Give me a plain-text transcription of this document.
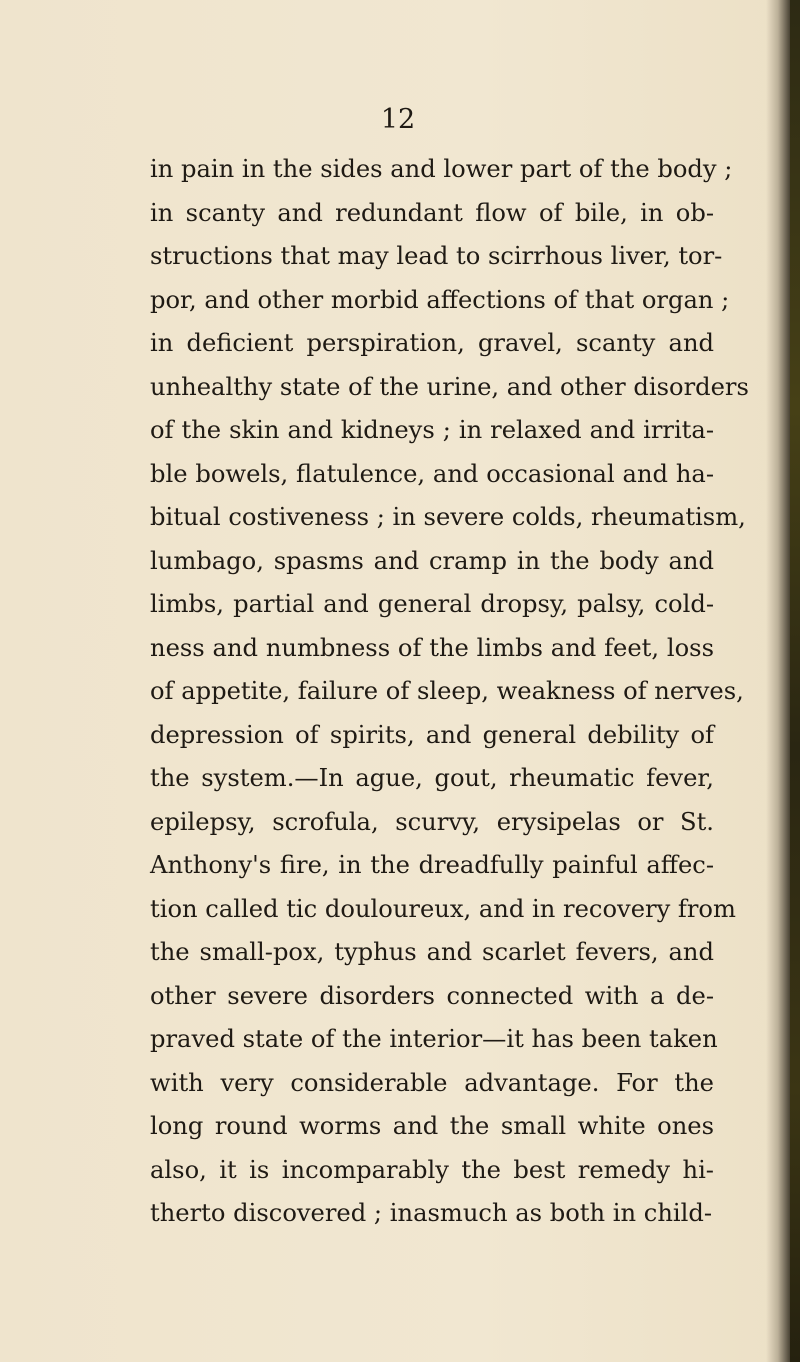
12
in pain in the sides and lower part of the body ;
in scanty and redundant flow of bile, in ob-
structions that may lead to scirrhous liver, tor-
por, and other morbid affections of that organ ;
in deficient perspiration, gravel, scanty and
unhealthy state of the urine, and other disorders
of the skin and kidneys ; in relaxed and irrita-
ble bowels, flatulence, and occasional and ha-
bitual costiveness ; in severe colds, rheumatism,
lumbago, spasms and cramp in the body and
limbs, partial and general dropsy, palsy, cold-
ness and numbness of the limbs and feet, loss
of appetite, failure of sleep, weakness of nerves,
depression of spirits, and general debility of
the system.—In ague, gout, rheumatic fever,
epilepsy, scrofula, scurvy, erysipelas or St.
Anthony's fire, in the dreadfully painful affec-
tion called tic douloureux, and in recovery from
the small-pox, typhus and scarlet fevers, and
other severe disorders connected with a de-
praved state of the interior—it has been taken
with very considerable advantage. For the
long round worms and the small white ones
also, it is incomparably the best remedy hi-
therto discovered ; inasmuch as both in child-
